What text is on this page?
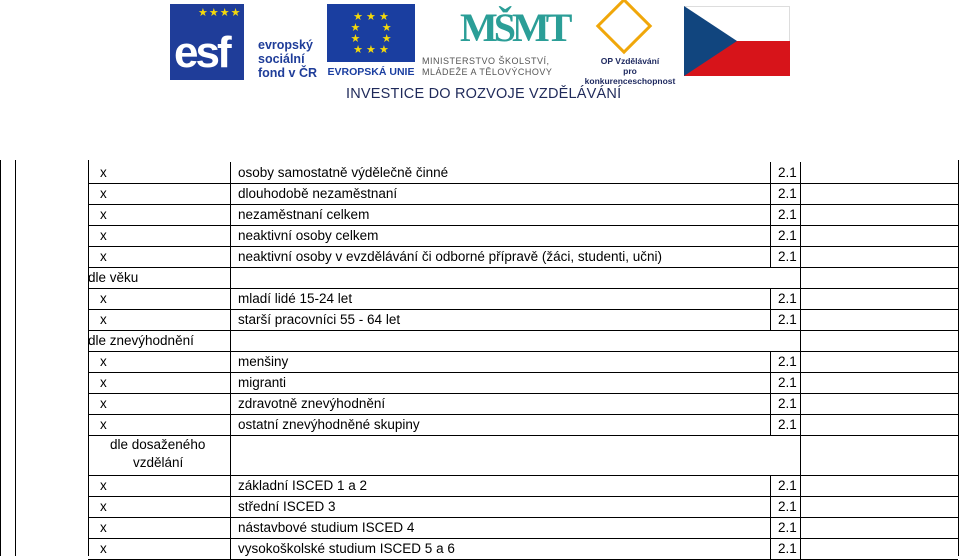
★★★★
esf evropský
sociální
fond v ČR
★ ★ ★
★       ★
★       ★
★ ★ ★
EVROPSKÁ UNIE
MŠMT
MINISTERSTVO ŠKOLSTVÍ,
MLÁDEŽE A TĚLOVÝCHOVY
OP Vzdělávání
pro konkurenceschopnost
INVESTICE DO ROZVOJE VZDĚLÁVÁNÍ
x	osoby samostatně výdělečně činné	2.1
x	dlouhodobě nezaměstnaní	2.1
x	nezaměstnaní celkem	2.1
x	neaktivní osoby celkem	2.1
x	neaktivní osoby v evzdělávání či odborné přípravě (žáci, studenti, učni)	2.1
dle věku
x	mladí lidé 15-24 let	2.1
x	starší pracovníci 55 - 64 let	2.1
dle znevýhodnění
x	menšiny	2.1
x	migranti	2.1
x	zdravotně znevýhodnění	2.1
x	ostatní znevýhodněné skupiny	2.1
dle dosaženého
vzdělání
x	základní ISCED 1 a 2	2.1
x	střední ISCED 3	2.1
x	nástavbové studium ISCED 4	2.1
x	vysokoškolské studium ISCED 5 a 6	2.1
